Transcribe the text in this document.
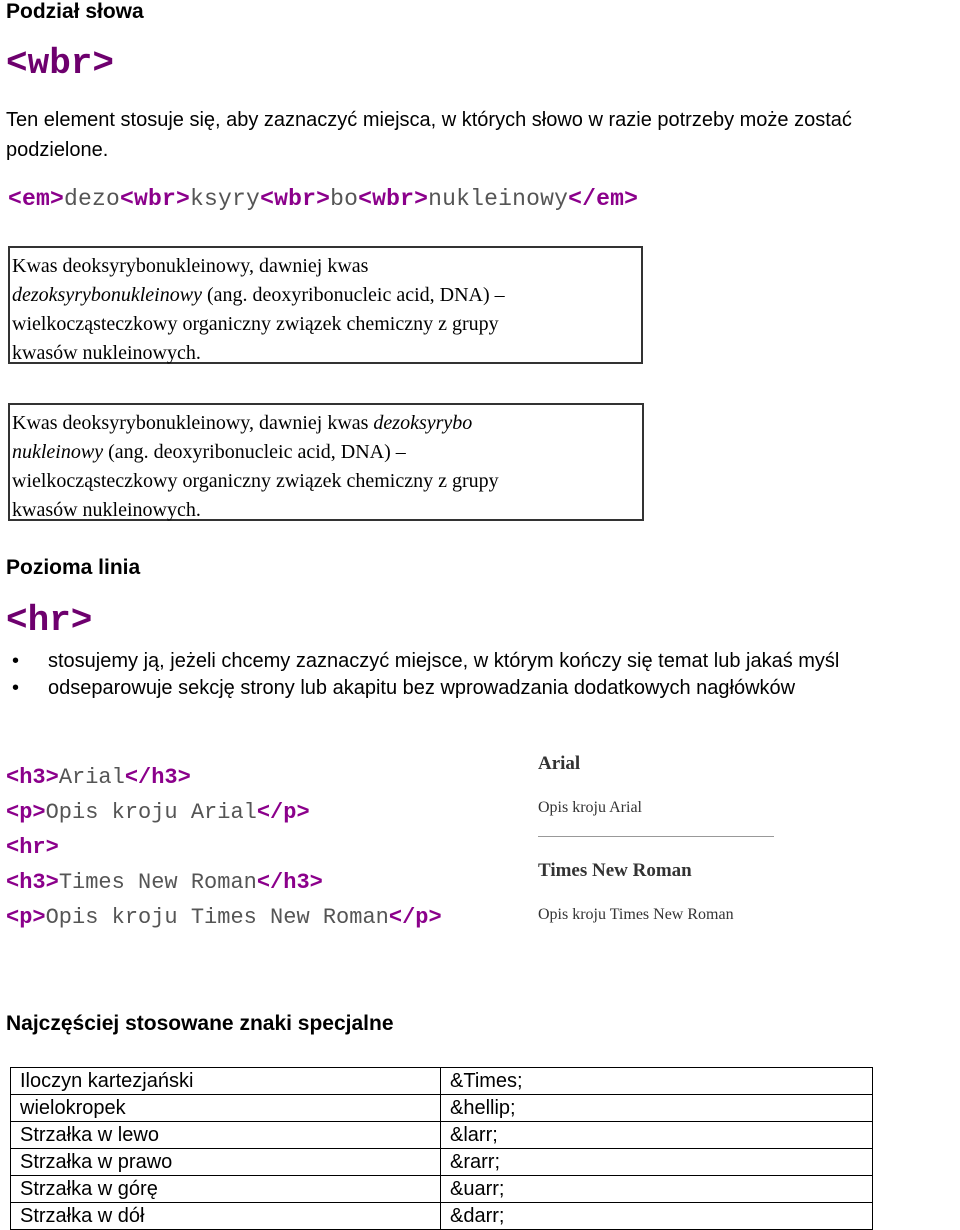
Podział słowa
<wbr>
Ten element stosuje się, aby zaznaczyć miejsca, w których słowo w razie potrzeby może zostać podzielone.
<em>dezo<wbr>ksyry<wbr>bo<wbr>nukleinowy</em>
Kwas deoksyrybonukleinowy, dawniej kwas
dezoksyrybonukleinowy (ang. deoxyribonucleic acid, DNA) –
wielkocząsteczkowy organiczny związek chemiczny z grupy
kwasów nukleinowych.
Kwas deoksyrybonukleinowy, dawniej kwas dezoksyrybo
nukleinowy (ang. deoxyribonucleic acid, DNA) –
wielkocząsteczkowy organiczny związek chemiczny z grupy
kwasów nukleinowych.
Pozioma linia
<hr>
• stosujemy ją, jeżeli chcemy zaznaczyć miejsce, w którym kończy się temat lub jakaś myśl
• odseparowuje sekcję strony lub akapitu bez wprowadzania dodatkowych nagłówków
<h3>Arial</h3>
<p>Opis kroju Arial</p>
<hr>
<h3>Times New Roman</h3>
<p>Opis kroju Times New Roman</p>
Arial
Opis kroju Arial
Times New Roman
Opis kroju Times New Roman
Najczęściej stosowane znaki specjalne
Iloczyn kartezjański	&Times;
wielokropek	&hellip;
Strzałka w lewo	&larr;
Strzałka w prawo	&rarr;
Strzałka w górę	&uarr;
Strzałka w dół	&darr;
